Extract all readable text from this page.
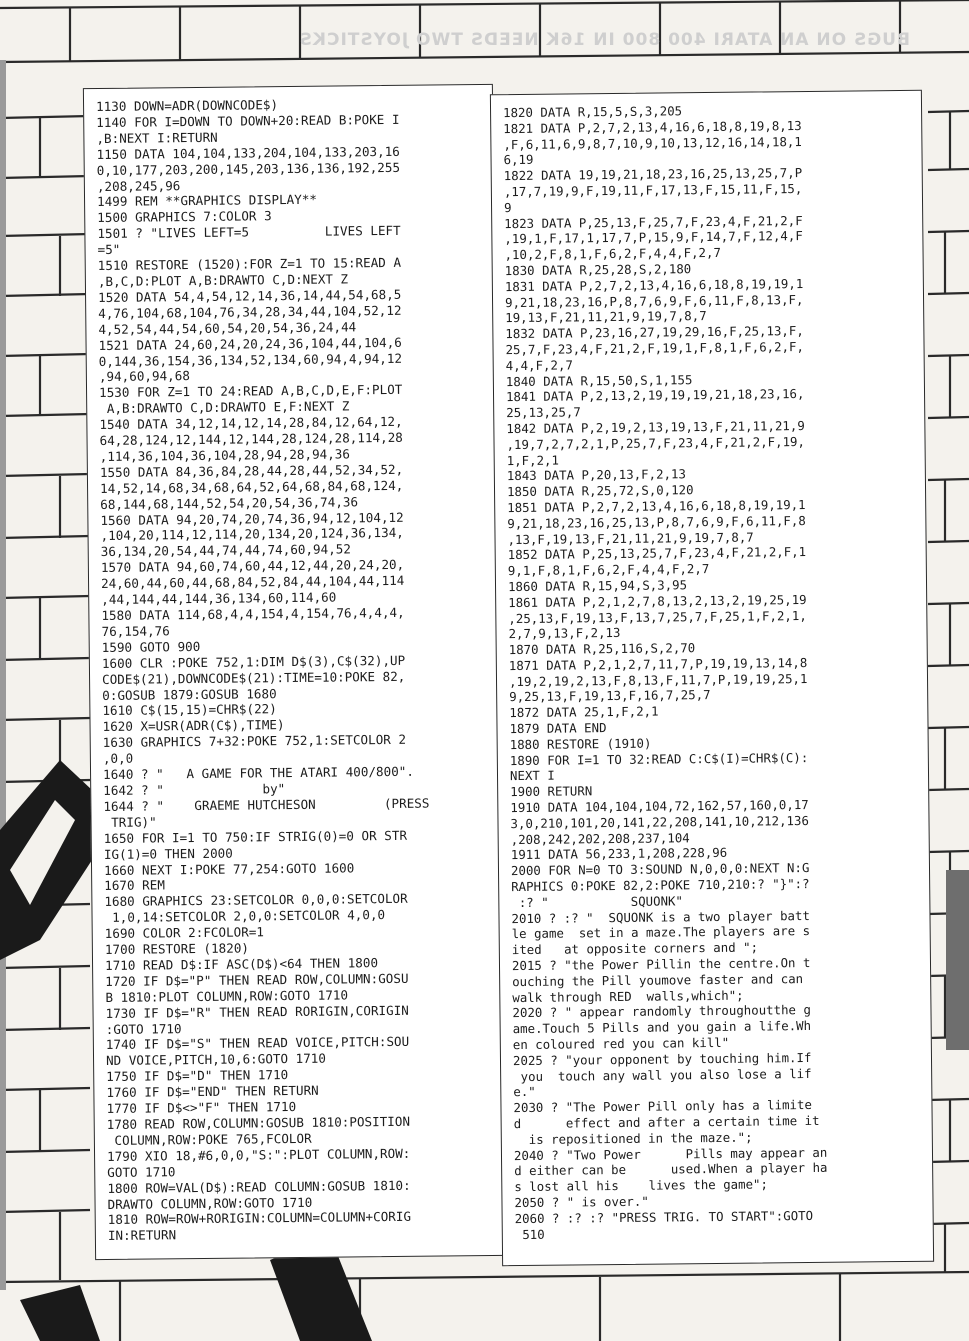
BUGS ON AN ATARI 400 800 IN 16K NEEDS TWO JOYSTICKS
1130 DOWN=ADR(DOWNCODE$)
1140 FOR I=DOWN TO DOWN+20:READ B:POKE I
,B:NEXT I:RETURN
1150 DATA 104,104,133,204,104,133,203,16
0,10,177,203,200,145,203,136,136,192,255
,208,245,96
1499 REM **GRAPHICS DISPLAY**
1500 GRAPHICS 7:COLOR 3
1501 ? "LIVES LEFT=5          LIVES LEFT
=5"
1510 RESTORE (1520):FOR Z=1 TO 15:READ A
,B,C,D:PLOT A,B:DRAWTO C,D:NEXT Z
1520 DATA 54,4,54,12,14,36,14,44,54,68,5
4,76,104,68,104,76,34,28,34,44,104,52,12
4,52,54,44,54,60,54,20,54,36,24,44
1521 DATA 24,60,24,20,24,36,104,44,104,6
0,144,36,154,36,134,52,134,60,94,4,94,12
,94,60,94,68
1530 FOR Z=1 TO 24:READ A,B,C,D,E,F:PLOT
A,B:DRAWTO C,D:DRAWTO E,F:NEXT Z
1540 DATA 34,12,14,12,14,28,84,12,64,12,
64,28,124,12,144,12,144,28,124,28,114,28
,114,36,104,36,104,28,94,28,94,36
1550 DATA 84,36,84,28,44,28,44,52,34,52,
14,52,14,68,34,68,64,52,64,68,84,68,124,
68,144,68,144,52,54,20,54,36,74,36
1560 DATA 94,20,74,20,74,36,94,12,104,12
,104,20,114,12,114,20,134,20,124,36,134,
36,134,20,54,44,74,44,74,60,94,52
1570 DATA 94,60,74,60,44,12,44,20,24,20,
24,60,44,60,44,68,84,52,84,44,104,44,114
,44,144,44,144,36,134,60,114,60
1580 DATA 114,68,4,4,154,4,154,76,4,4,4,
76,154,76
1590 GOTO 900
1600 CLR :POKE 752,1:DIM D$(3),C$(32),UP
CODE$(21),DOWNCODE$(21):TIME=10:POKE 82,
0:GOSUB 1879:GOSUB 1680
1610 C$(15,15)=CHR$(22)
1620 X=USR(ADR(C$),TIME)
1630 GRAPHICS 7+32:POKE 752,1:SETCOLOR 2
,0,0
1640 ? "   A GAME FOR THE ATARI 400/800".
1642 ? "             by"
1644 ? "    GRAEME HUTCHESON         (PRESS
TRIG)"
1650 FOR I=1 TO 750:IF STRIG(0)=0 OR STR
IG(1)=0 THEN 2000
1660 NEXT I:POKE 77,254:GOTO 1600
1670 REM
1680 GRAPHICS 23:SETCOLOR 0,0,0:SETCOLOR
1,0,14:SETCOLOR 2,0,0:SETCOLOR 4,0,0
1690 COLOR 2:FCOLOR=1
1700 RESTORE (1820)
1710 READ D$:IF ASC(D$)<64 THEN 1800
1720 IF D$="P" THEN READ ROW,COLUMN:GOSU
B 1810:PLOT COLUMN,ROW:GOTO 1710
1730 IF D$="R" THEN READ RORIGIN,CORIGIN
:GOTO 1710
1740 IF D$="S" THEN READ VOICE,PITCH:SOU
ND VOICE,PITCH,10,6:GOTO 1710
1750 IF D$="D" THEN 1710
1760 IF D$="END" THEN RETURN
1770 IF D$<>"F" THEN 1710
1780 READ ROW,COLUMN:GOSUB 1810:POSITION
COLUMN,ROW:POKE 765,FCOLOR
1790 XIO 18,#6,0,0,"S:":PLOT COLUMN,ROW:
GOTO 1710
1800 ROW=VAL(D$):READ COLUMN:GOSUB 1810:
DRAWTO COLUMN,ROW:GOTO 1710
1810 ROW=ROW+RORIGIN:COLUMN=COLUMN+CORIG
IN:RETURN
1820 DATA R,15,5,S,3,205
1821 DATA P,2,7,2,13,4,16,6,18,8,19,8,13
,F,6,11,6,9,8,7,10,9,10,13,12,16,14,18,1
6,19
1822 DATA 19,19,21,18,23,16,25,13,25,7,P
,17,7,19,9,F,19,11,F,17,13,F,15,11,F,15,
9
1823 DATA P,25,13,F,25,7,F,23,4,F,21,2,F
,19,1,F,17,1,17,7,P,15,9,F,14,7,F,12,4,F
,10,2,F,8,1,F,6,2,F,4,4,F,2,7
1830 DATA R,25,28,S,2,180
1831 DATA P,2,7,2,13,4,16,6,18,8,19,19,1
9,21,18,23,16,P,8,7,6,9,F,6,11,F,8,13,F,
19,13,F,21,11,21,9,19,7,8,7
1832 DATA P,23,16,27,19,29,16,F,25,13,F,
25,7,F,23,4,F,21,2,F,19,1,F,8,1,F,6,2,F,
4,4,F,2,7
1840 DATA R,15,50,S,1,155
1841 DATA P,2,13,2,19,19,19,21,18,23,16,
25,13,25,7
1842 DATA P,2,19,2,13,19,13,F,21,11,21,9
,19,7,2,7,2,1,P,25,7,F,23,4,F,21,2,F,19,
1,F,2,1
1843 DATA P,20,13,F,2,13
1850 DATA R,25,72,S,0,120
1851 DATA P,2,7,2,13,4,16,6,18,8,19,19,1
9,21,18,23,16,25,13,P,8,7,6,9,F,6,11,F,8
,13,F,19,13,F,21,11,21,9,19,7,8,7
1852 DATA P,25,13,25,7,F,23,4,F,21,2,F,1
9,1,F,8,1,F,6,2,F,4,4,F,2,7
1860 DATA R,15,94,S,3,95
1861 DATA P,2,1,2,7,8,13,2,13,2,19,25,19
,25,13,F,19,13,F,13,7,25,7,F,25,1,F,2,1,
2,7,9,13,F,2,13
1870 DATA R,25,116,S,2,70
1871 DATA P,2,1,2,7,11,7,P,19,19,13,14,8
,19,2,19,2,13,F,8,13,F,11,7,P,19,19,25,1
9,25,13,F,19,13,F,16,7,25,7
1872 DATA 25,1,F,2,1
1879 DATA END
1880 RESTORE (1910)
1890 FOR I=1 TO 32:READ C:C$(I)=CHR$(C):
NEXT I
1900 RETURN
1910 DATA 104,104,104,72,162,57,160,0,17
3,0,210,101,20,141,22,208,141,10,212,136
,208,242,202,208,237,104
1911 DATA 56,233,1,208,228,96
2000 FOR N=0 TO 3:SOUND N,0,0,0:NEXT N:G
RAPHICS 0:POKE 82,2:POKE 710,210:? "}":?
:? "           SQUONK"
2010 ? :? "  SQUONK is a two player batt
le game  set in a maze.The players are s
ited   at opposite corners and ";
2015 ? "the Power Pillin the centre.On t
ouching the Pill youmove faster and can
walk through RED  walls,which";
2020 ? " appear randomly throughoutthe g
ame.Touch 5 Pills and you gain a life.Wh
en coloured red you can kill"
2025 ? "your opponent by touching him.If
you  touch any wall you also lose a lif
e."
2030 ? "The Power Pill only has a limite
d      effect and after a certain time it
is repositioned in the maze.";
2040 ? "Two Power      Pills may appear an
d either can be      used.When a player ha
s lost all his    lives the game";
2050 ? " is over."
2060 ? :? :? "PRESS TRIG. TO START":GOTO
510
